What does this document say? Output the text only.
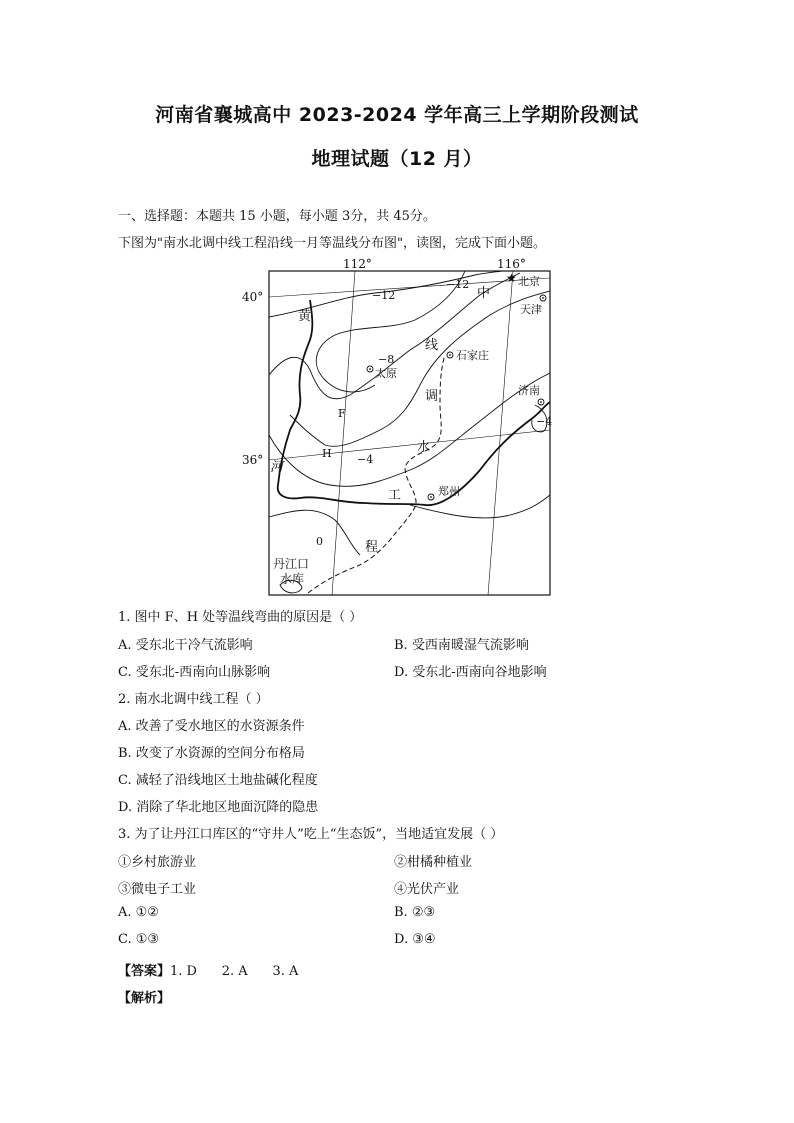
河南省襄城高中 2023-2024 学年高三上学期阶段测试
地理试题（12 月）
一、选择题：本题共 15 小题，每小题 3分，共 45分。
下图为"南水北调中线工程沿线一月等温线分布图"，读图，完成下面小题。
112°	116°
40°
36°
−12
−12
−8
−4
−4
0
F
H
★ 北京
天津
石家庄
太原
济南
郑州
黄
河
中
线
调
水
工
程
丹江口
水库
1. 图中 F、H 处等温线弯曲的原因是（ ）
A. 受东北干冷气流影响	B. 受西南暖湿气流影响
C. 受东北-西南向山脉影响	D. 受东北-西南向谷地影响
2. 南水北调中线工程（ ）
A. 改善了受水地区的水资源条件
B. 改变了水资源的空间分布格局
C. 减轻了沿线地区土地盐碱化程度
D. 消除了华北地区地面沉降的隐患
3. 为了让丹江口库区的“守井人”吃上“生态饭”，当地适宜发展（ ）
①乡村旅游业	②柑橘种植业
③微电子工业	④光伏产业
A. ①②	B. ②③
C. ①③	D. ③④
【答案】1. D      2. A      3. A
【解析】
